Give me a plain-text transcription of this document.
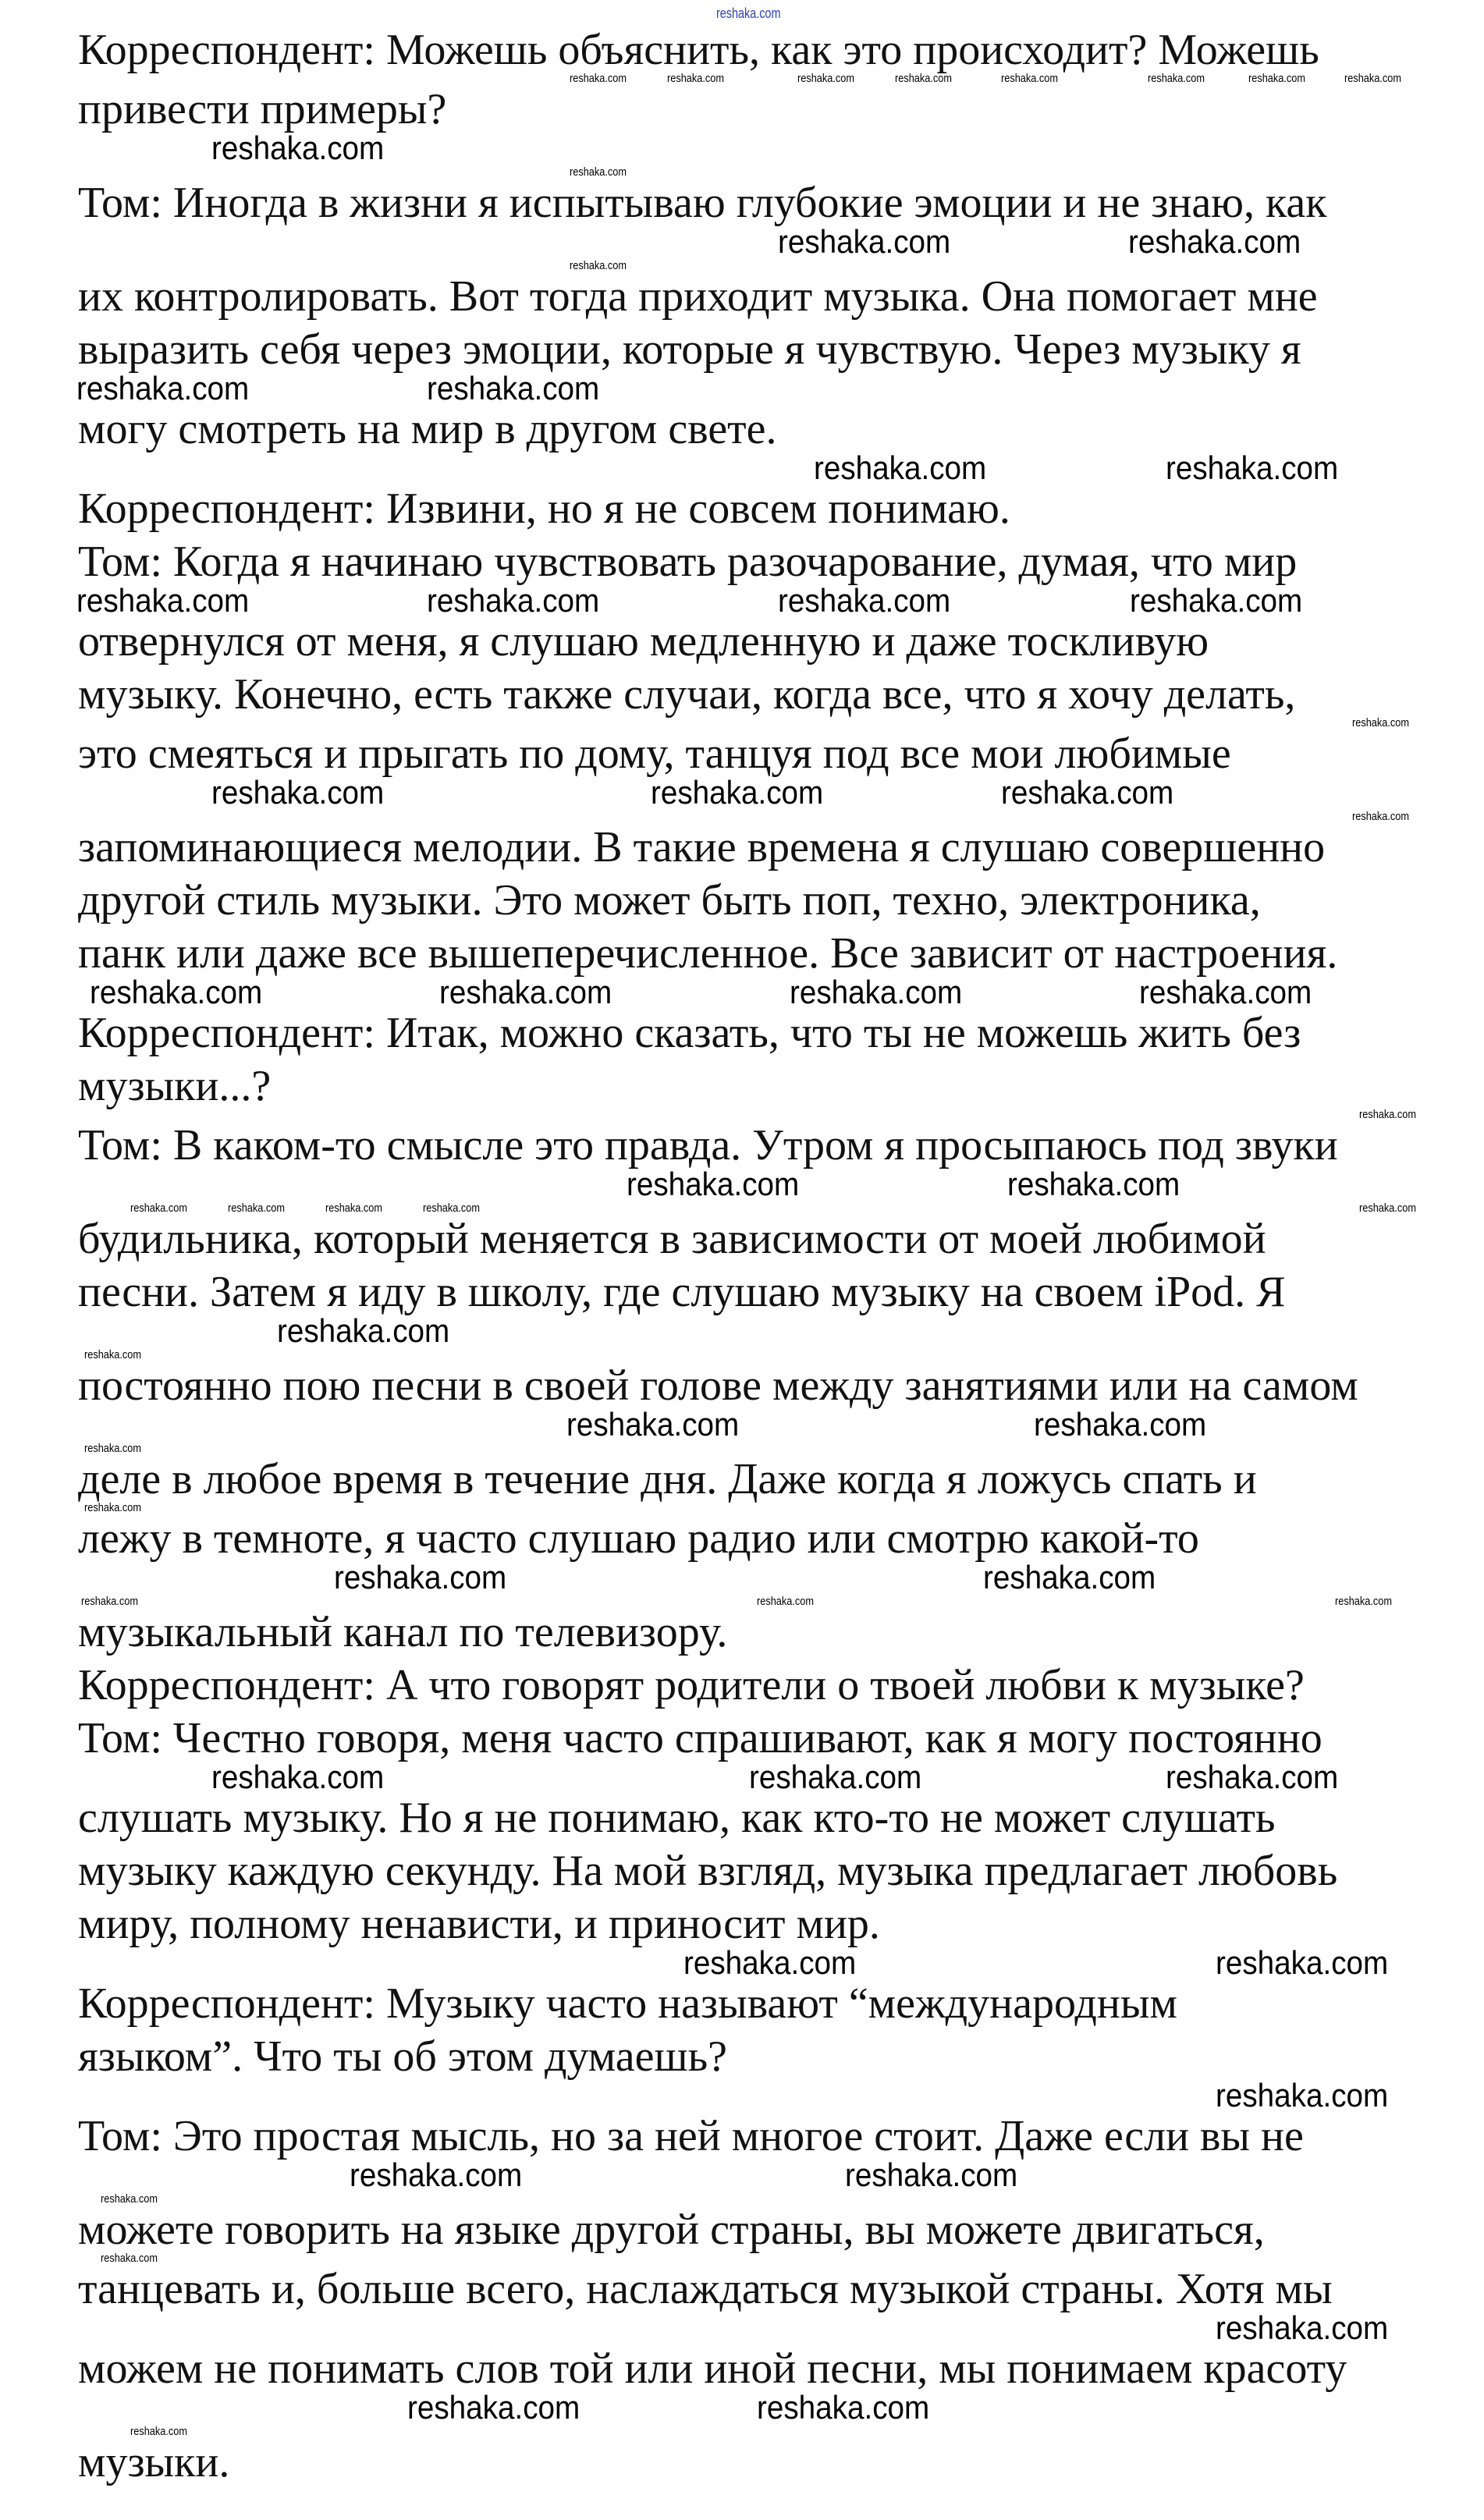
reshaka.com
Корреспондент: Можешь объяснить, как это происходит? Можешь
reshaka.com	reshaka.com	reshaka.com	reshaka.com	reshaka.com	reshaka.com	reshaka.com
reshaka.com
привести примеры?
reshaka.com
reshaka.com
Том: Иногда в жизни я испытываю глубокие эмоции и не знаю, как
reshaka.com	reshaka.com
reshaka.com
их контролировать. Вот тогда приходит музыка. Она помогает мне
выразить себя через эмоции, которые я чувствую. Через музыку я
reshaka.com	reshaka.com
могу смотреть на мир в другом свете.
reshaka.com	reshaka.com
Корреспондент: Извини, но я не совсем понимаю.
Том: Когда я начинаю чувствовать разочарование, думая, что мир
reshaka.com	reshaka.com	reshaka.com	reshaka.com
отвернулся от меня, я слушаю медленную и даже тоскливую
музыку. Конечно, есть также случаи, когда все, что я хочу делать,
reshaka.com
это смеяться и прыгать по дому, танцуя под все мои любимые
reshaka.com	reshaka.com	reshaka.com
reshaka.com
запоминающиеся мелодии. В такие времена я слушаю совершенно
другой стиль музыки. Это может быть поп, техно, электроника,
панк или даже все вышеперечисленное. Все зависит от настроения.
reshaka.com	reshaka.com	reshaka.com	reshaka.com
Корреспондент: Итак, можно сказать, что ты не можешь жить без
музыки...?
reshaka.com
Том: В каком-то смысле это правда. Утром я просыпаюсь под звуки
reshaka.com	reshaka.com
reshaka.com
reshaka.com	reshaka.com	reshaka.com	reshaka.com
будильника, который меняется в зависимости от моей любимой
песни. Затем я иду в школу, где слушаю музыку на своем iPod. Я
reshaka.com
reshaka.com
постоянно пою песни в своей голове между занятиями или на самом
reshaka.com	reshaka.com
reshaka.com
деле в любое время в течение дня. Даже когда я ложусь спать и
reshaka.com
лежу в темноте, я часто слушаю радио или смотрю какой-то
reshaka.com	reshaka.com
reshaka.com	reshaka.com	reshaka.com
музыкальный канал по телевизору.
Корреспондент: А что говорят родители о твоей любви к музыке?
Том: Честно говоря, меня часто спрашивают, как я могу постоянно
reshaka.com	reshaka.com	reshaka.com
слушать музыку. Но я не понимаю, как кто-то не может слушать
музыку каждую секунду. На мой взгляд, музыка предлагает любовь
миру, полному ненависти, и приносит мир.
reshaka.com
reshaka.com
Корреспондент: Музыку часто называют “международным
языком”. Что ты об этом думаешь?
reshaka.com
Том: Это простая мысль, но за ней многое стоит. Даже если вы не
reshaka.com	reshaka.com
reshaka.com
можете говорить на языке другой страны, вы можете двигаться,
reshaka.com
танцевать и, больше всего, наслаждаться музыкой страны. Хотя мы
reshaka.com
можем не понимать слов той или иной песни, мы понимаем красоту
reshaka.com	reshaka.com
reshaka.com
музыки.
